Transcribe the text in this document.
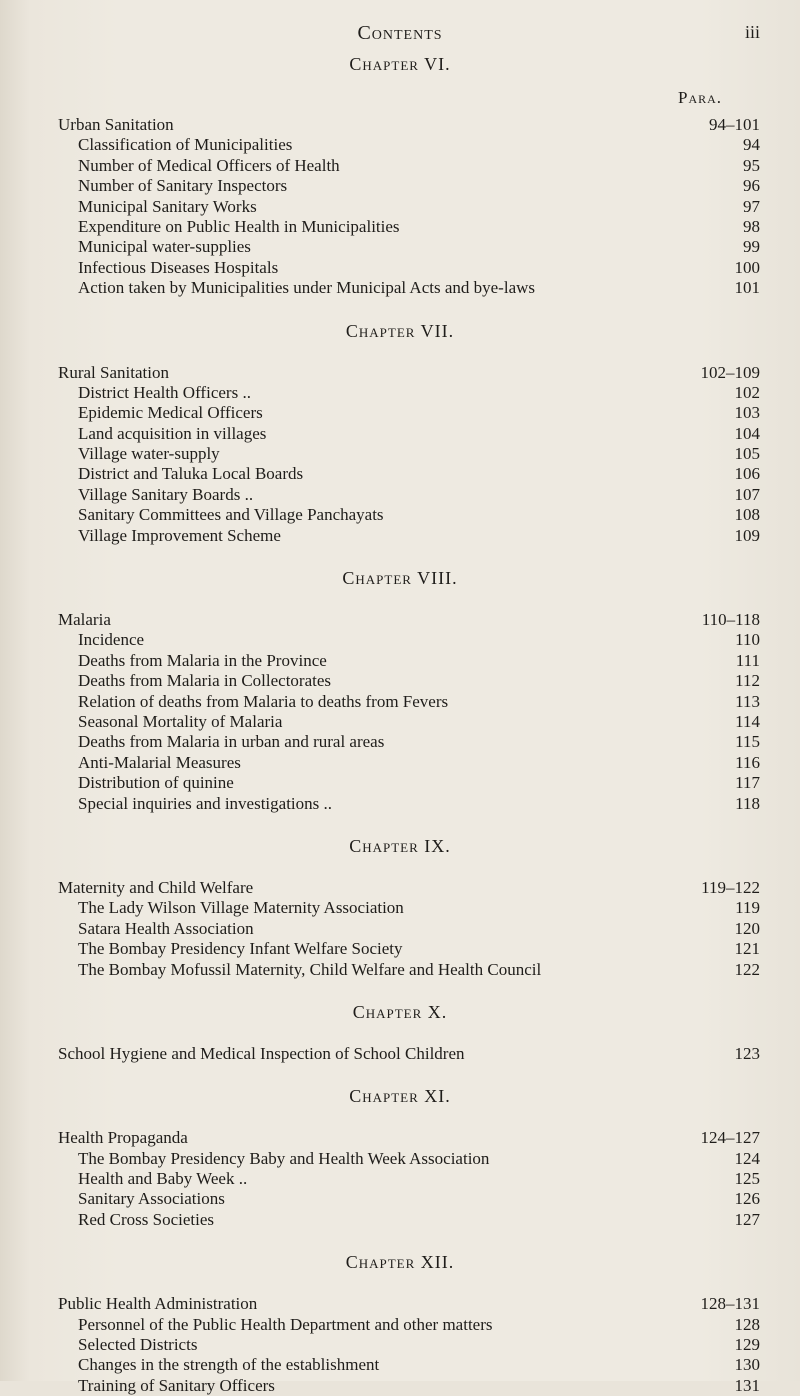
Contents	iii
Chapter VI.
Para.
Urban Sanitation	94–101
Classification of Municipalities	94
Number of Medical Officers of Health	95
Number of Sanitary Inspectors	96
Municipal Sanitary Works	97
Expenditure on Public Health in Municipalities	98
Municipal water-supplies	99
Infectious Diseases Hospitals	100
Action taken by Municipalities under Municipal Acts and bye-laws	101
Chapter VII.
Rural Sanitation	102–109
District Health Officers ..	102
Epidemic Medical Officers	103
Land acquisition in villages	104
Village water-supply	105
District and Taluka Local Boards	106
Village Sanitary Boards ..	107
Sanitary Committees and Village Panchayats	108
Village Improvement Scheme	109
Chapter VIII.
Malaria	110–118
Incidence	110
Deaths from Malaria in the Province	111
Deaths from Malaria in Collectorates	112
Relation of deaths from Malaria to deaths from Fevers	113
Seasonal Mortality of Malaria	114
Deaths from Malaria in urban and rural areas	115
Anti-Malarial Measures	116
Distribution of quinine	117
Special inquiries and investigations ..	118
Chapter IX.
Maternity and Child Welfare	119–122
The Lady Wilson Village Maternity Association	119
Satara Health Association	120
The Bombay Presidency Infant Welfare Society	121
The Bombay Mofussil Maternity, Child Welfare and Health Council	122
Chapter X.
School Hygiene and Medical Inspection of School Children	123
Chapter XI.
Health Propaganda	124–127
The Bombay Presidency Baby and Health Week Association	124
Health and Baby Week ..	125
Sanitary Associations	126
Red Cross Societies	127
Chapter XII.
Public Health Administration	128–131
Personnel of the Public Health Department and other matters	128
Selected Districts	129
Changes in the strength of the establishment	130
Training of Sanitary Officers	131
